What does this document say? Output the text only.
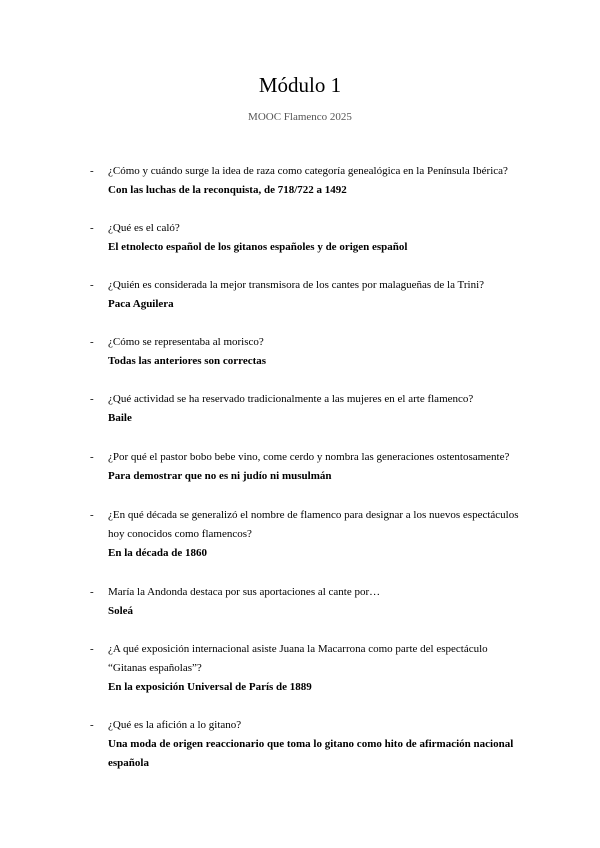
Módulo 1
MOOC Flamenco 2025
- ¿Cómo y cuándo surge la idea de raza como categoría genealógica en la Península Ibérica?
Con las luchas de la reconquista, de 718/722 a 1492
- ¿Qué es el caló?
El etnolecto español de los gitanos españoles y de origen español
- ¿Quién es considerada la mejor transmisora de los cantes por malagueñas de la Trini?
Paca Aguilera
- ¿Cómo se representaba al morisco?
Todas las anteriores son correctas
- ¿Qué actividad se ha reservado tradicionalmente a las mujeres en el arte flamenco?
Baile
- ¿Por qué el pastor bobo bebe vino, come cerdo y nombra las generaciones ostentosamente?
Para demostrar que no es ni judío ni musulmán
- ¿En qué década se generalizó el nombre de flamenco para designar a los nuevos espectáculos hoy conocidos como flamencos?
En la década de 1860
- María la Andonda destaca por sus aportaciones al cante por…
Soleá
- ¿A qué exposición internacional asiste Juana la Macarrona como parte del espectáculo “Gitanas españolas”?
En la exposición Universal de París de 1889
- ¿Qué es la afición a lo gitano?
Una moda de origen reaccionario que toma lo gitano como hito de afirmación nacional española
